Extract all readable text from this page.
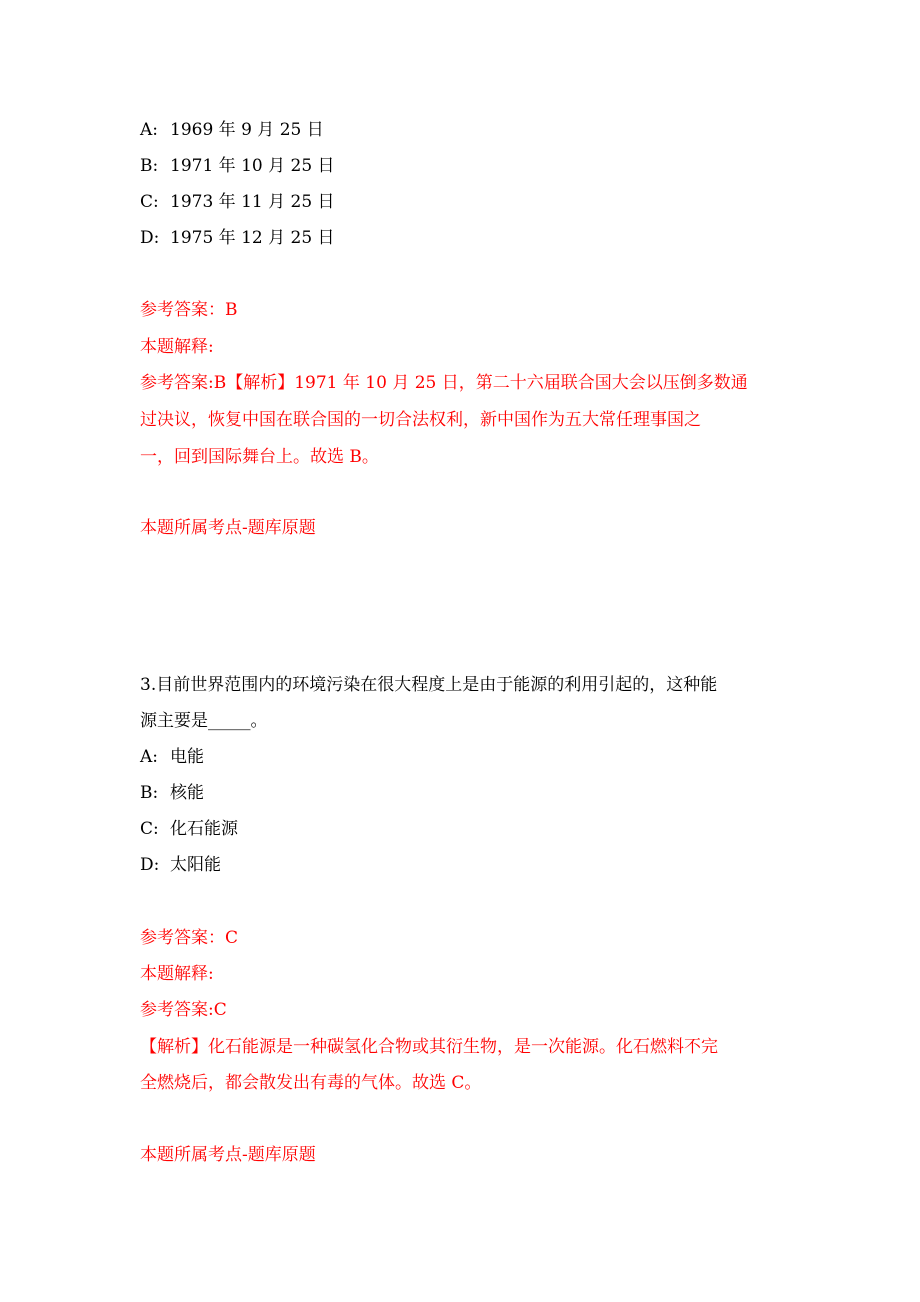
A: 1969 年 9 月 25 日
B: 1971 年 10 月 25 日
C: 1973 年 11 月 25 日
D: 1975 年 12 月 25 日
参考答案：B
本题解释:
参考答案:B【解析】1971 年 10 月 25 日，第二十六届联合国大会以压倒多数通
过决议，恢复中国在联合国的一切合法权利，新中国作为五大常任理事国之
一，回到国际舞台上。故选 B。
本题所属考点-题库原题
3.目前世界范围内的环境污染在很大程度上是由于能源的利用引起的，这种能
源主要是_____。
A: 电能
B: 核能
C: 化石能源
D: 太阳能
参考答案：C
本题解释:
参考答案:C
【解析】化石能源是一种碳氢化合物或其衍生物，是一次能源。化石燃料不完
全燃烧后，都会散发出有毒的气体。故选 C。
本题所属考点-题库原题
